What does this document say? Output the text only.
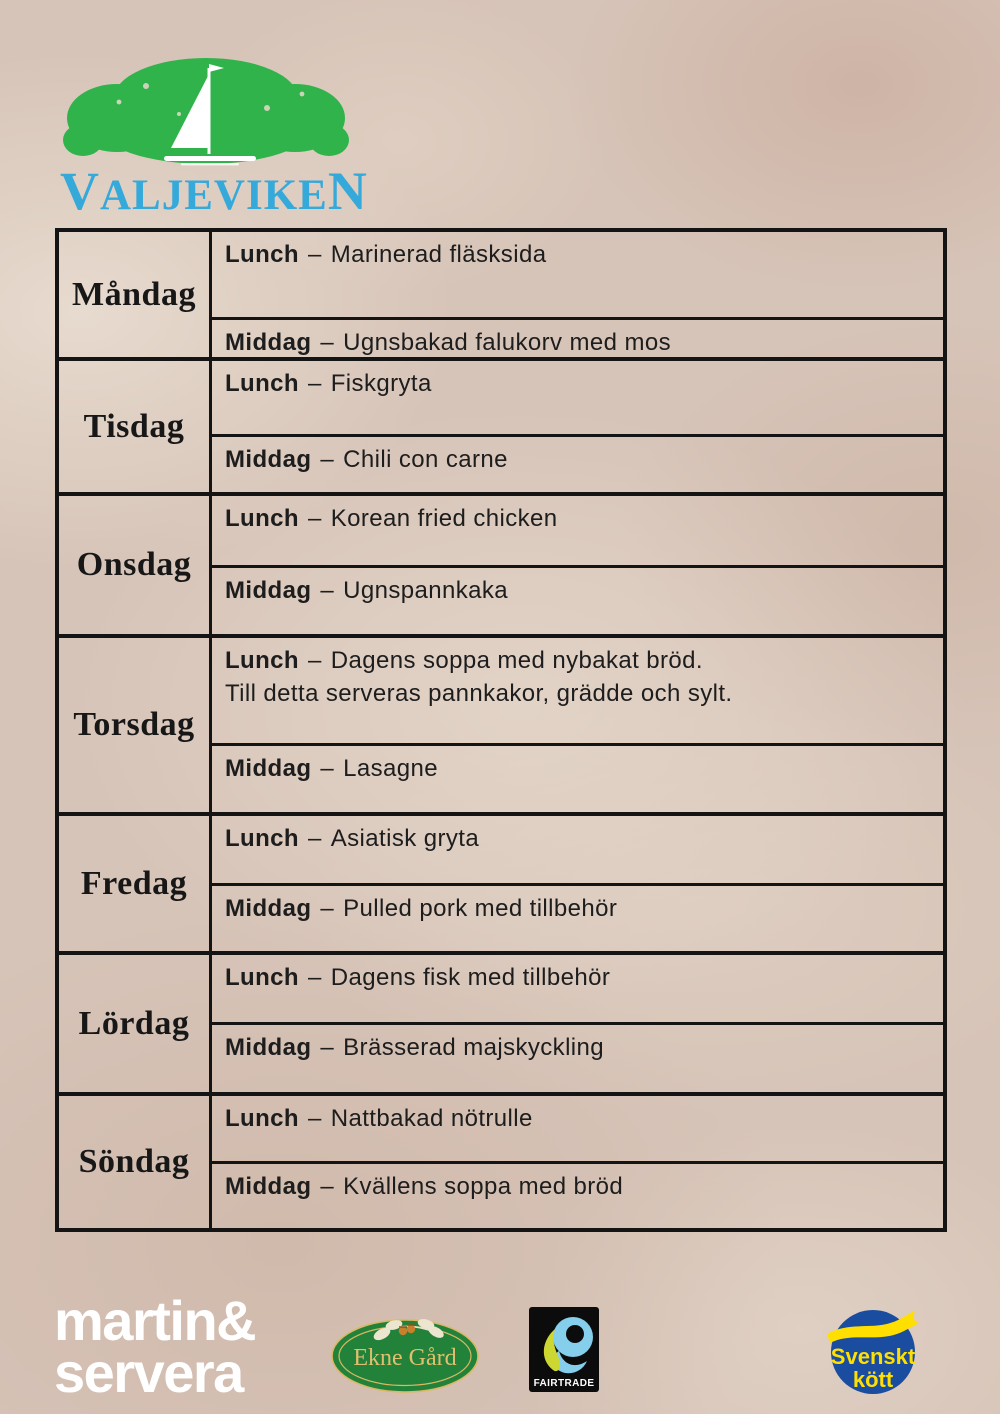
VALJEVIKEN
Måndag

Lunch – Marinerad fläsksida

Middag – Ugnsbakad falukorv med mos

Tisdag

Lunch – Fiskgryta

Middag – Chili con carne

Onsdag

Lunch – Korean fried chicken

Middag – Ugnspannkaka

Torsdag

Lunch – Dagens soppa med nybakat bröd.

Till detta serveras pannkakor, grädde och sylt.

Middag – Lasagne

Fredag

Lunch – Asiatisk gryta

Middag – Pulled pork med tillbehör

Lördag

Lunch – Dagens fisk med tillbehör

Middag – Brässerad majskyckling

Söndag

Lunch – Nattbakad nötrulle

Middag – Kvällens soppa med bröd

martin&
servera	Ekne Gård
FAIRTRADE
Svenskt
kött
